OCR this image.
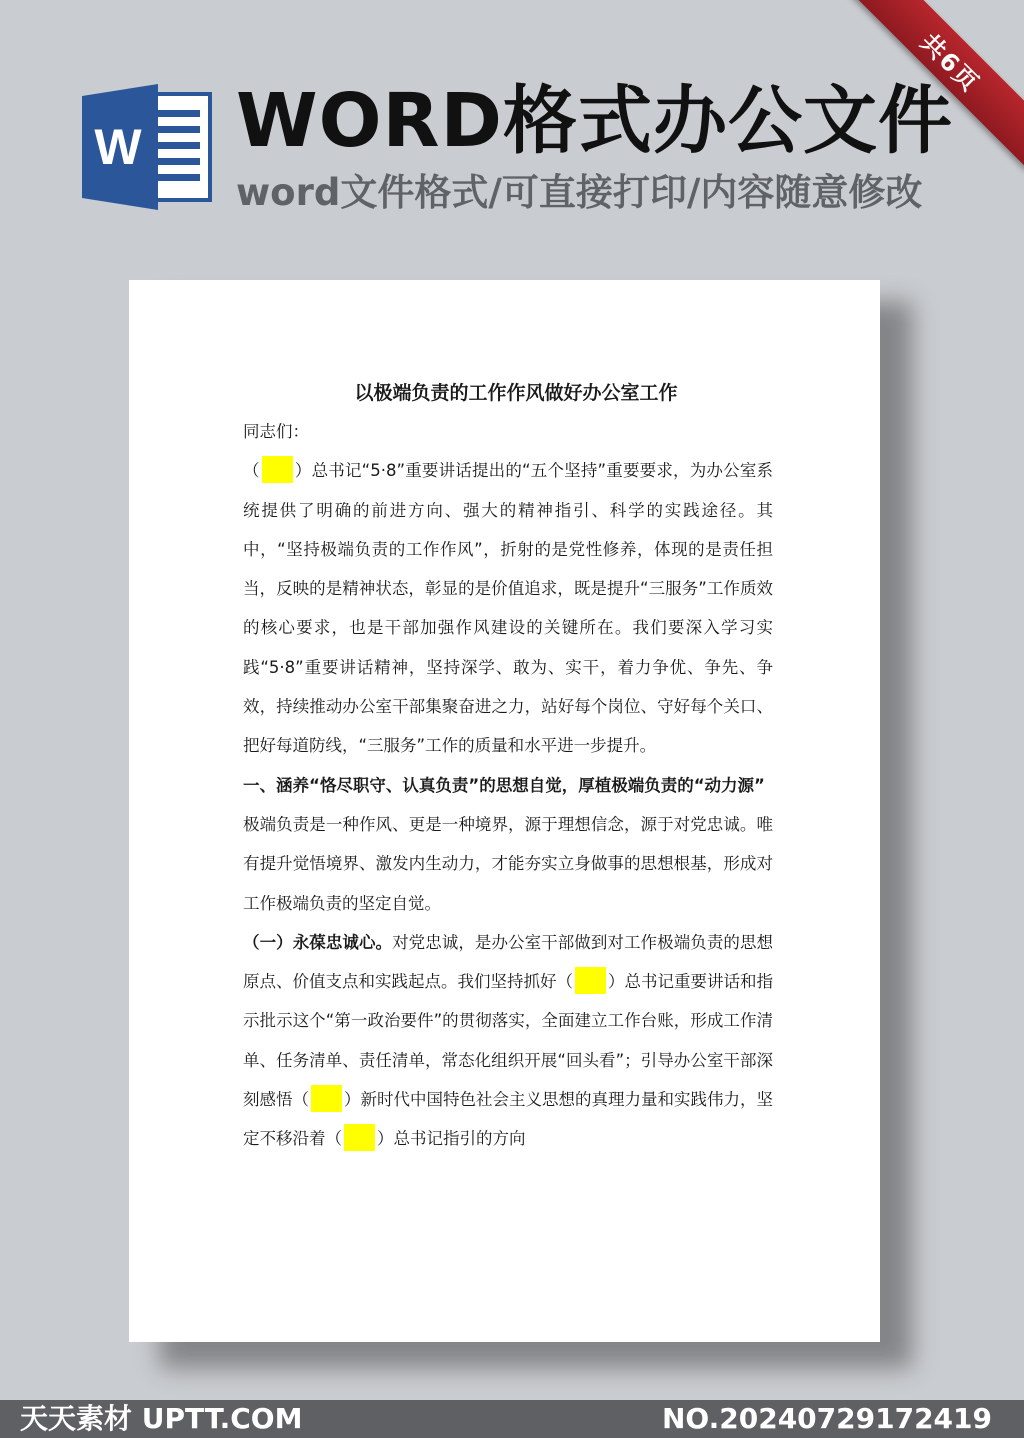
共6页
W WORD格式办公文件
word文件格式/可直接打印/内容随意修改
以极端负责的工作作风做好办公室工作

同志们：

（ ）总书记“5·8”重要讲话提出的“五个坚持”重要要求，为办公室系统提供了明确的前进方向、强大的精神指引、科学的实践途径。其中，“坚持极端负责的工作作风”，折射的是党性修养，体现的是责任担当，反映的是精神状态，彰显的是价值追求，既是提升“三服务”工作质效的核心要求，也是干部加强作风建设的关键所在。我们要深入学习实践“5·8”重要讲话精神，坚持深学、敢为、实干，着力争优、争先、争效，持续推动办公室干部集聚奋进之力，站好每个岗位、守好每个关口、把好每道防线，“三服务”工作的质量和水平进一步提升。

一、涵养“恪尽职守、认真负责”的思想自觉，厚植极端负责的“动力源”

极端负责是一种作风、更是一种境界，源于理想信念，源于对党忠诚。唯有提升觉悟境界、激发内生动力，才能夯实立身做事的思想根基，形成对工作极端负责的坚定自觉。

（一）永葆忠诚心。对党忠诚，是办公室干部做到对工作极端负责的思想原点、价值支点和实践起点。我们坚持抓好（ ）总书记重要讲话和指示批示这个“第一政治要件”的贯彻落实，全面建立工作台账，形成工作清单、任务清单、责任清单，常态化组织开展“回头看”；引导办公室干部深刻感悟（ ）新时代中国特色社会主义思想的真理力量和实践伟力，坚定不移沿着（ ）总书记指引的方向

天天素材 UPTT.COM	NO.20240729172419
